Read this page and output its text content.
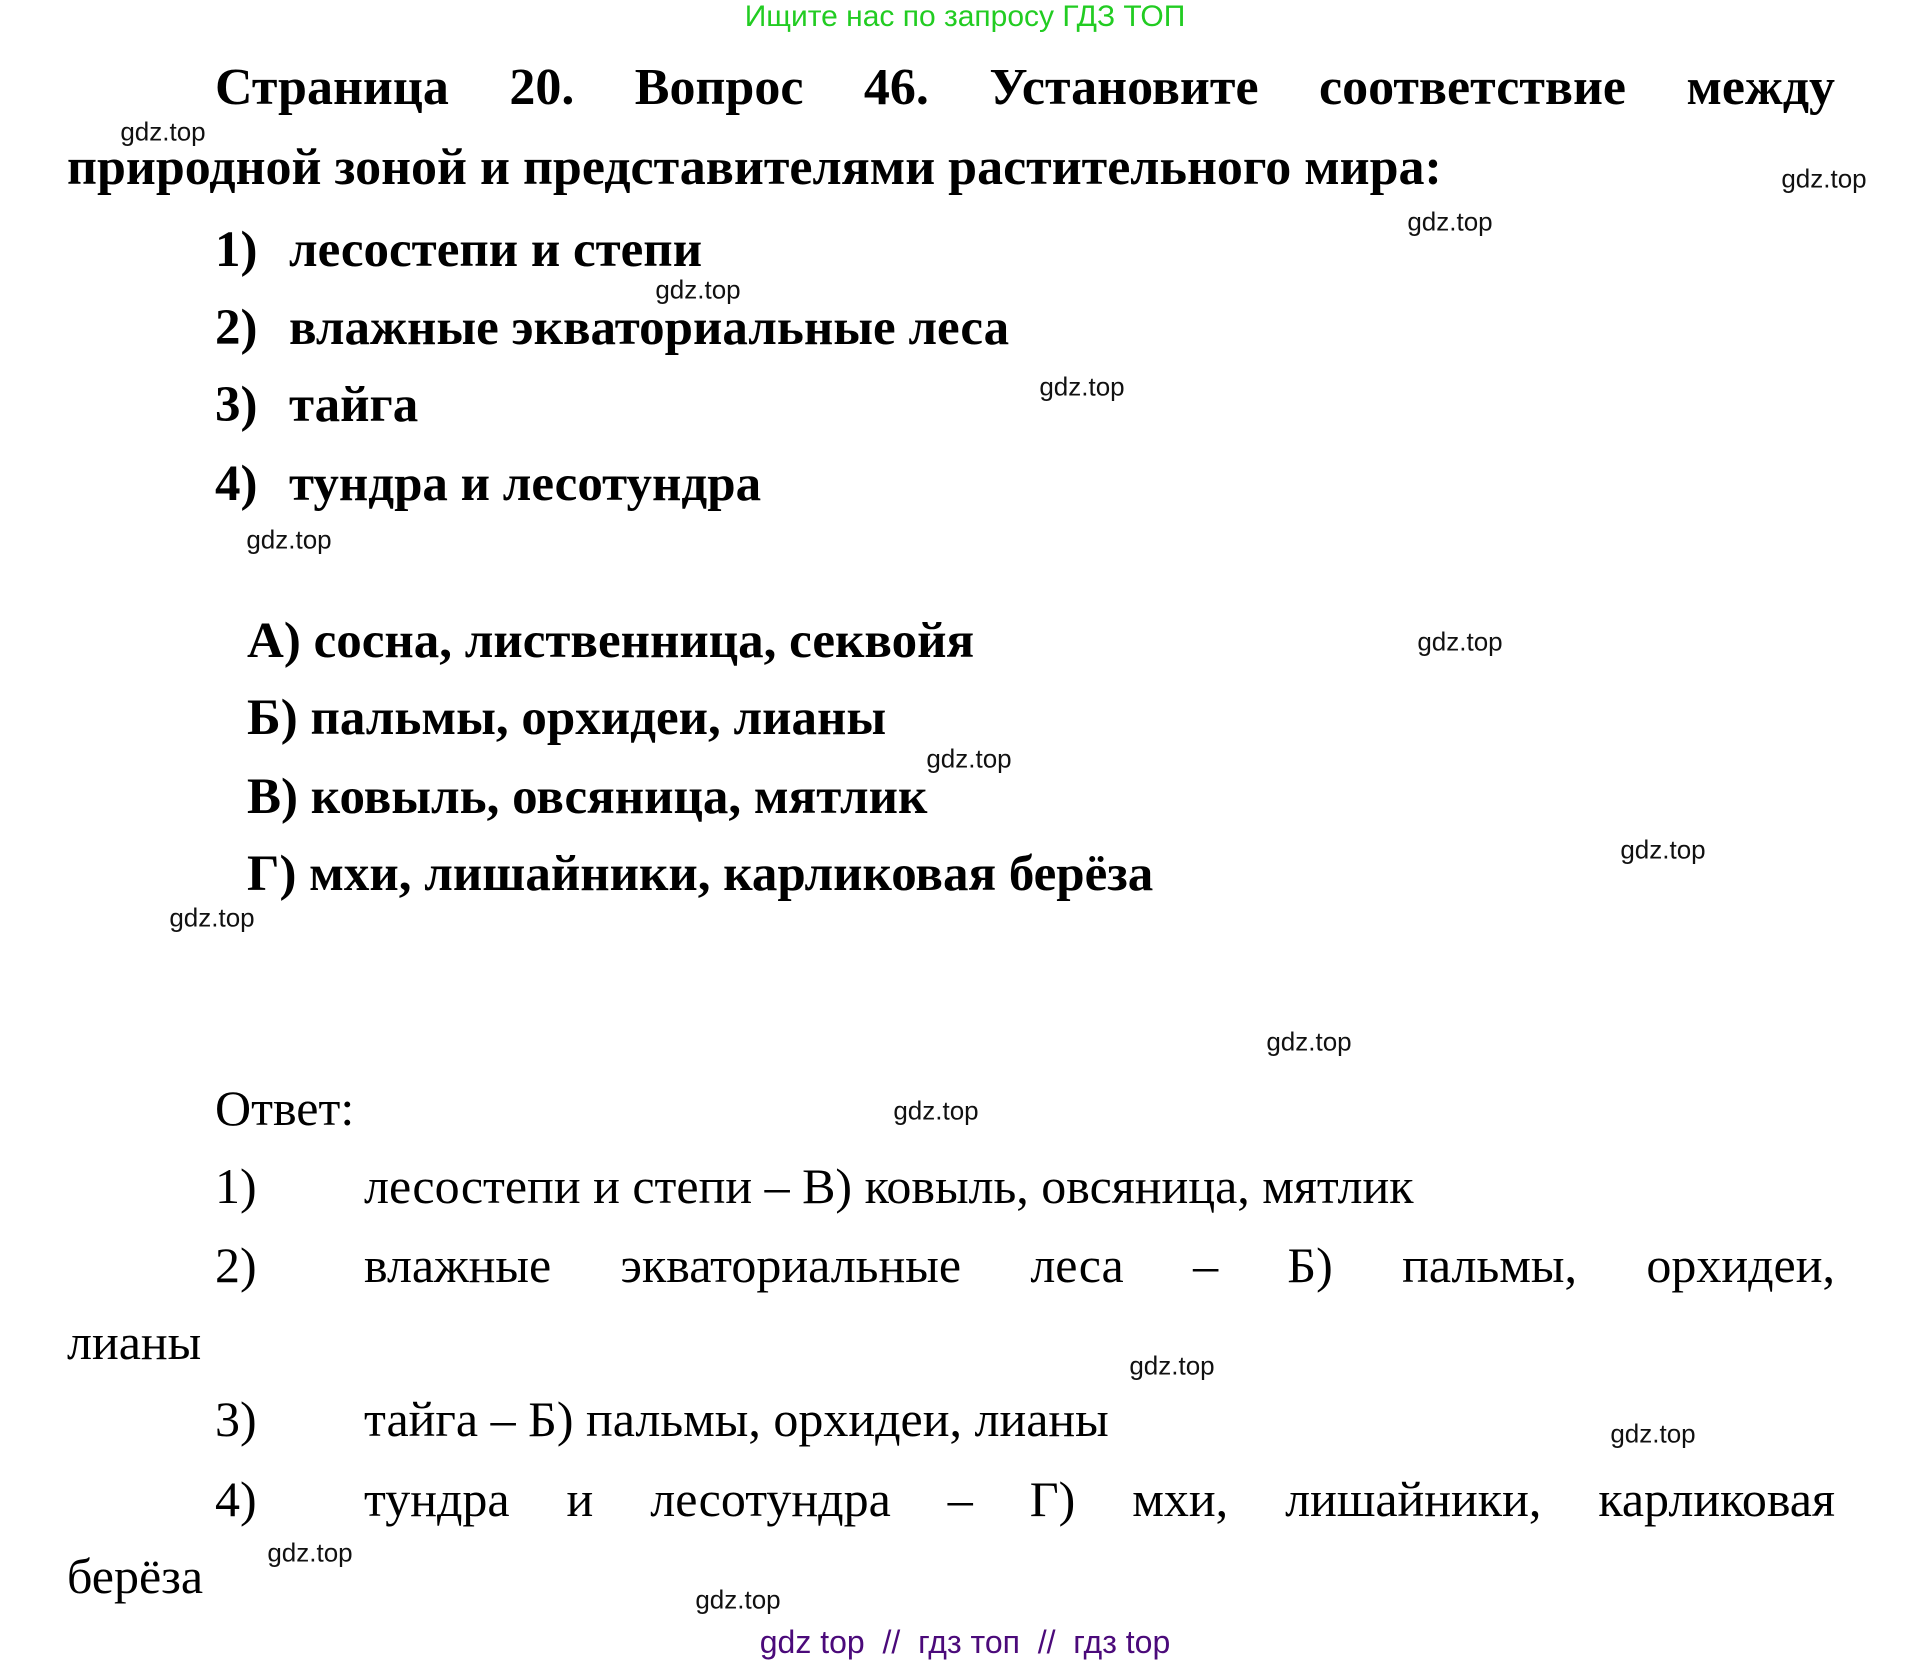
Ищите нас по запросу ГДЗ ТОП
Страница 20. Вопрос 46. Установите соответствие между
природной зоной и представителями растительного мира:
1) лесостепи и степи
2) влажные экваториальные леса
3) тайга
4) тундра и лесотундра
А) сосна, лиственница, секвойя
Б) пальмы, орхидеи, лианы
В) ковыль, овсяница, мятлик
Г) мхи, лишайники, карликовая берёза
Ответ:
1) лесостепи и степи – В) ковыль, овсяница, мятлик
2)	влажные экваториальные леса – Б) пальмы, орхидеи,
лианы
3) тайга – Б) пальмы, орхидеи, лианы
4)	тундра и лесотундра – Г) мхи, лишайники, карликовая
берёза
gdz.top
gdz.top
gdz.top
gdz.top
gdz.top
gdz.top
gdz.top
gdz.top
gdz.top
gdz.top
gdz.top
gdz.top
gdz.top
gdz.top
gdz.top
gdz.top
gdz top  //  гдз топ  //  гдз top
